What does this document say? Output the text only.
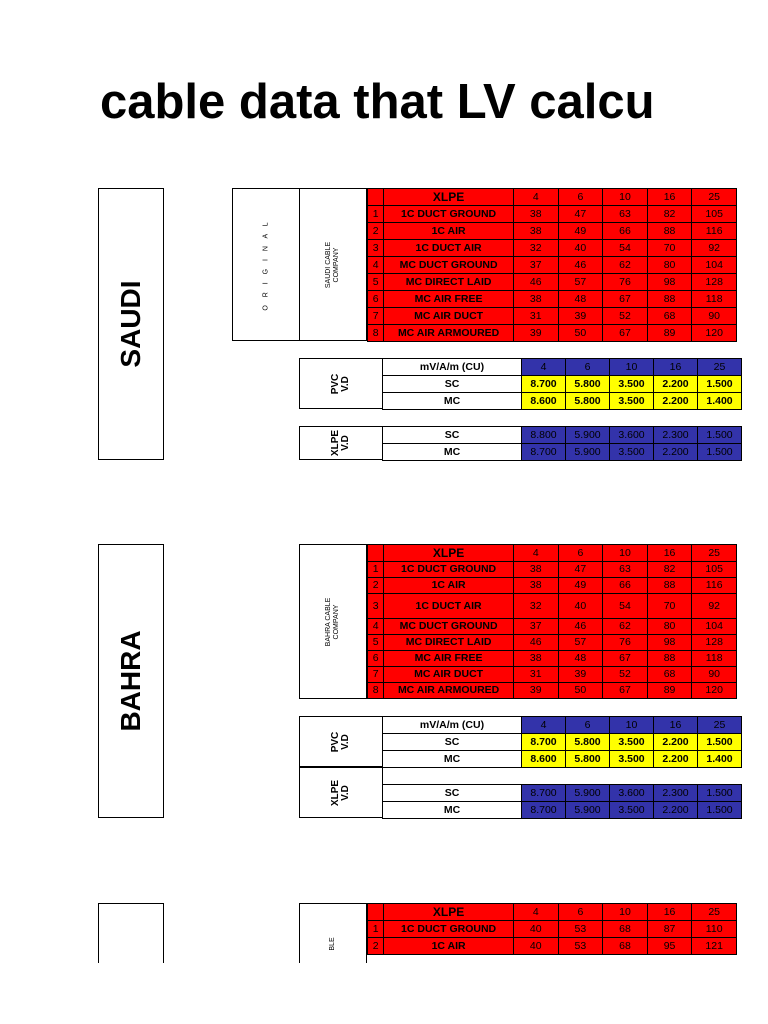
cable data that LV calcu
SAUDI
O R I G I N A L	SAUDI CABLE COMPANY
	XLPE	4	6	10	16	25
1	1C DUCT GROUND	38	47	63	82	105
2	1C AIR	38	49	66	88	116
3	1C DUCT AIR	32	40	54	70	92
4	MC DUCT GROUND	37	46	62	80	104
5	MC DIRECT LAID	46	57	76	98	128
6	MC AIR FREE	38	48	67	88	118
7	MC AIR DUCT	31	39	52	68	90
8	MC AIR ARMOURED	39	50	67	89	120
PVC V.D
mV/A/m (CU)	4	6	10	16	25
SC	8.700	5.800	3.500	2.200	1.500
MC	8.600	5.800	3.500	2.200	1.400
XLPE V.D
SC	8.800	5.900	3.600	2.300	1.500
MC	8.700	5.900	3.500	2.200	1.500
BAHRA
BAHRA CABLE COMPANY
	XLPE	4	6	10	16	25
1	1C DUCT GROUND	38	47	63	82	105
2	1C AIR	38	49	66	88	116
3	1C DUCT AIR	32	40	54	70	92
4	MC DUCT GROUND	37	46	62	80	104
5	MC DIRECT LAID	46	57	76	98	128
6	MC AIR FREE	38	48	67	88	118
7	MC AIR DUCT	31	39	52	68	90
8	MC AIR ARMOURED	39	50	67	89	120
PVC V.D
mV/A/m (CU)	4	6	10	16	25
SC	8.700	5.800	3.500	2.200	1.500
MC	8.600	5.800	3.500	2.200	1.400
XLPE V.D	SC	8.700	5.900	3.600	2.300	1.500
MC	8.700	5.900	3.500	2.200	1.500
BLE
	XLPE	4	6	10	16	25
1	1C DUCT GROUND	40	53	68	87	110
2	1C AIR	40	53	68	95	121
